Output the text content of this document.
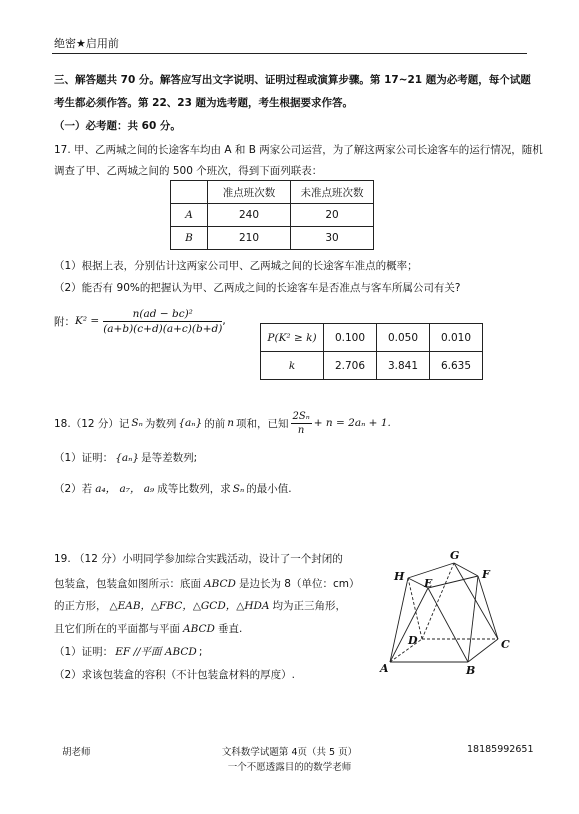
绝密★启用前
三、解答题共 70 分。解答应写出文字说明、证明过程或演算步骤。第 17~21 题为必考题，每个试题
考生都必须作答。第 22、23 题为选考题，考生根据要求作答。
（一）必考题：共 60 分。
17. 甲、乙两城之间的长途客车均由 A 和 B 两家公司运营，为了解这两家公司长途客车的运行情况，随机
调查了甲、乙两城之间的 500 个班次，得到下面列联表：
	准点班次数	未准点班次数
A	240	20
B	210	30
（1）根据上表，分别估计这两家公司甲、乙两城之间的长途客车准点的概率；
（2）能否有 90%的把握认为甲、乙两成之间的长途客车是否准点与客车所属公司有关?
附： $K^2 = \frac{\text{n(ad − bc)²}}{(a+b)(c+d)(a+c)(b+d)}$ ,
P(K² ≥ k)	0.100	0.050	0.010
k	2.706	3.841	6.635
18.（12 分）记 Sₙ 为数列 {aₙ} 的前 n 项和，已知 $\frac{\text{2Sₙ}}{n} + n = 2a_n + 1$.
（1）证明： {aₙ} 是等差数列;
（2）若 a₄， a₇， a₉ 成等比数列，求 Sₙ 的最小值.
19. （12 分）小明同学参加综合实践活动，设计了一个封闭的
包装盒，包装盒如图所示：底面 ABCD 是边长为 8（单位：cm）
的正方形， △EAB，△FBC，△GCD，△HDA 均为正三角形，
且它们所在的平面都与平面 ABCD 垂直.
（1）证明： EF //平面 ABCD ;
（2）求该包装盒的容积（不计包装盒材料的厚度）.
G
H
E
F
D	C
A	B
胡老师	文科数学试题第 4页（共 5 页）	18185992651
一个不愿透露目的的数学老师
